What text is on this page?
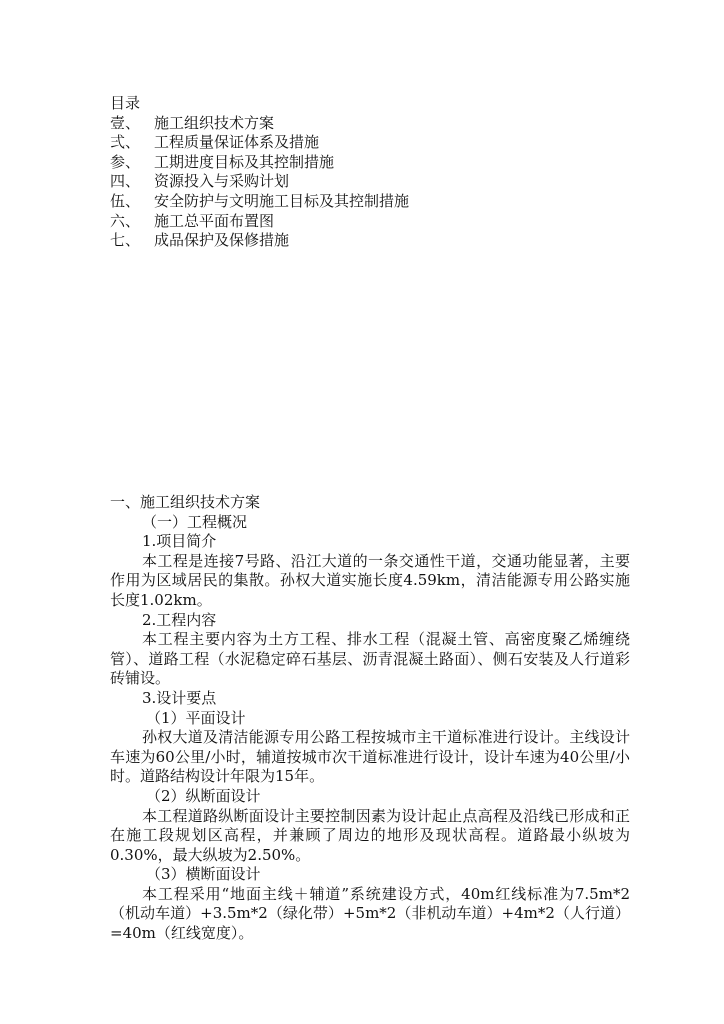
目录
壹、 施工组织技术方案
弍、 工程质量保证体系及措施
参、 工期进度目标及其控制措施
四、 资源投入与采购计划
伍、 安全防护与文明施工目标及其控制措施
六、 施工总平面布置图
七、 成品保护及保修措施

一、施工组织技术方案

（一）工程概况

1.项目简介

本工程是连接7号路、沿江大道的一条交通性干道，交通功能显著，主要作用为区域居民的集散。孙权大道实施长度4.59km，清洁能源专用公路实施长度1.02km。

2.工程内容

本工程主要内容为土方工程、排水工程（混凝土管、高密度聚乙烯缠绕管）、道路工程（水泥稳定碎石基层、沥青混凝土路面）、侧石安装及人行道彩砖铺设。

3.设计要点

（1）平面设计

孙权大道及清洁能源专用公路工程按城市主干道标准进行设计。主线设计车速为60公里/小时，辅道按城市次干道标准进行设计，设计车速为40公里/小时。道路结构设计年限为15年。

（2）纵断面设计

本工程道路纵断面设计主要控制因素为设计起止点高程及沿线已形成和正在施工段规划区高程，并兼顾了周边的地形及现状高程。道路最小纵坡为0.30%，最大纵坡为2.50%。

（3）横断面设计

本工程采用“地面主线＋辅道”系统建设方式，40m红线标准为7.5m*2（机动车道）+3.5m*2（绿化带）+5m*2（非机动车道）+4m*2（人行道）=40m（红线宽度）。
